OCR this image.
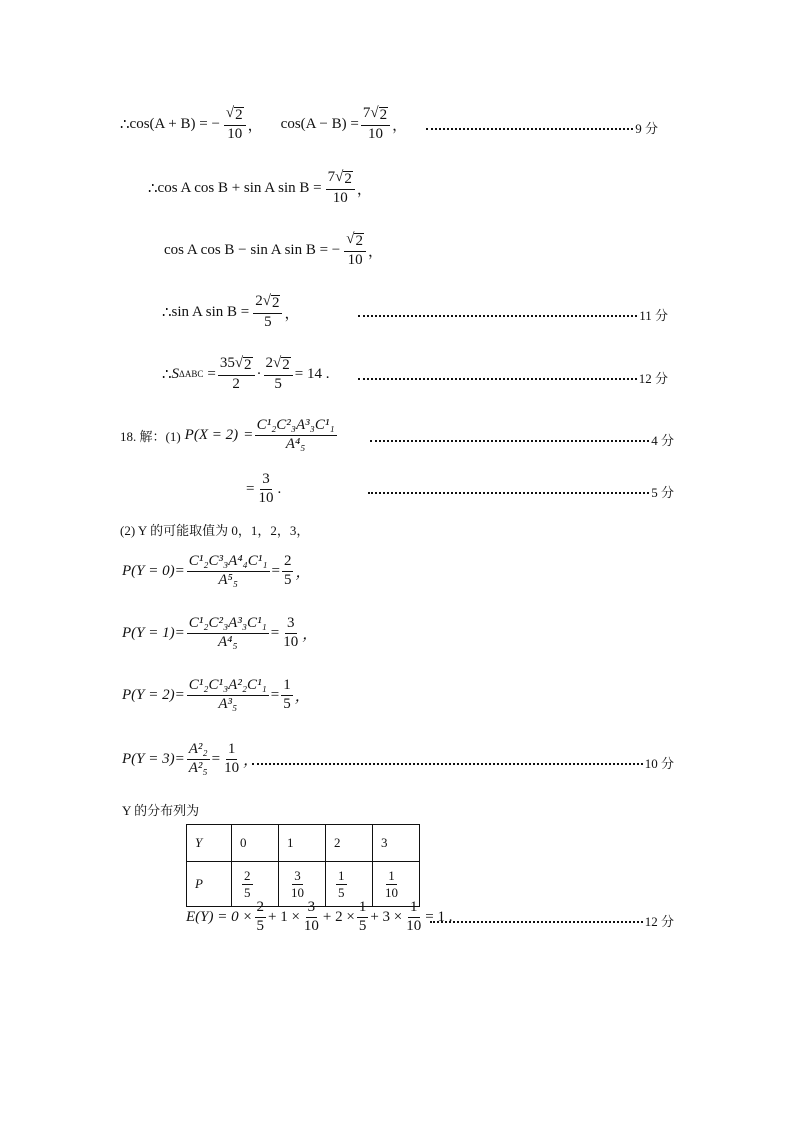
∴ cos(A + B) = − $\frac{√ 2}{10}$ ， $\cos(A - B) = \frac{7 √ 2}{10}$ ，	9 分
∴ cos A cos B + sin A $\sin B = \frac{7 √ 2}{10}$ ，
cos A cos B − sin A sin B = − $\frac{√ 2}{10}$ ，
∴ sin A $\sin B = \frac{2 √ 2}{5}$ ，	11 分
∴ S $\Delta ABC = \frac{35 √ 2}{2} \cdot \frac{2 √ 2}{5} = 14$ .	12 分
18. 解：(1) $P(X = 2) = \frac{\text{C¹₂C²₃A³₃C¹₁}}{\text{A⁴₅}}$	4 分
= $\frac{3}{10}$ .	5 分
(2) Y 的可能取值为 0，1，2，3，
$P(Y = 0)= \frac{\text{C¹₂C³₃A⁴₄C¹₁}}{\text{A⁵₅}} = \frac{2}{5}$ ，
$P(Y = 1)= \frac{\text{C¹₂C²₃A³₃C¹₁}}{\text{A⁴₅}} = \frac{3}{10}$ ，
$P(Y = 2)= \frac{\text{C¹₂C¹₃A²₂C¹₁}}{\text{A³₅}} = \frac{1}{5}$ ，
$P(Y = 3)= \frac{\text{A²₂}}{\text{A²₅}} = \frac{1}{10}$ ，	10 分
Y 的分布列为
Y	0	1	2	3
P	$\frac{2}{5}$	$\frac{3}{10}$	$\frac{1}{5}$	$\frac{1}{10}$
$E(Y) = 0 \times \frac{2}{5} + 1 \times \frac{3}{10} + 2 \times \frac{1}{5} + 3 \times \frac{1}{10} = 1$ .	12 分
